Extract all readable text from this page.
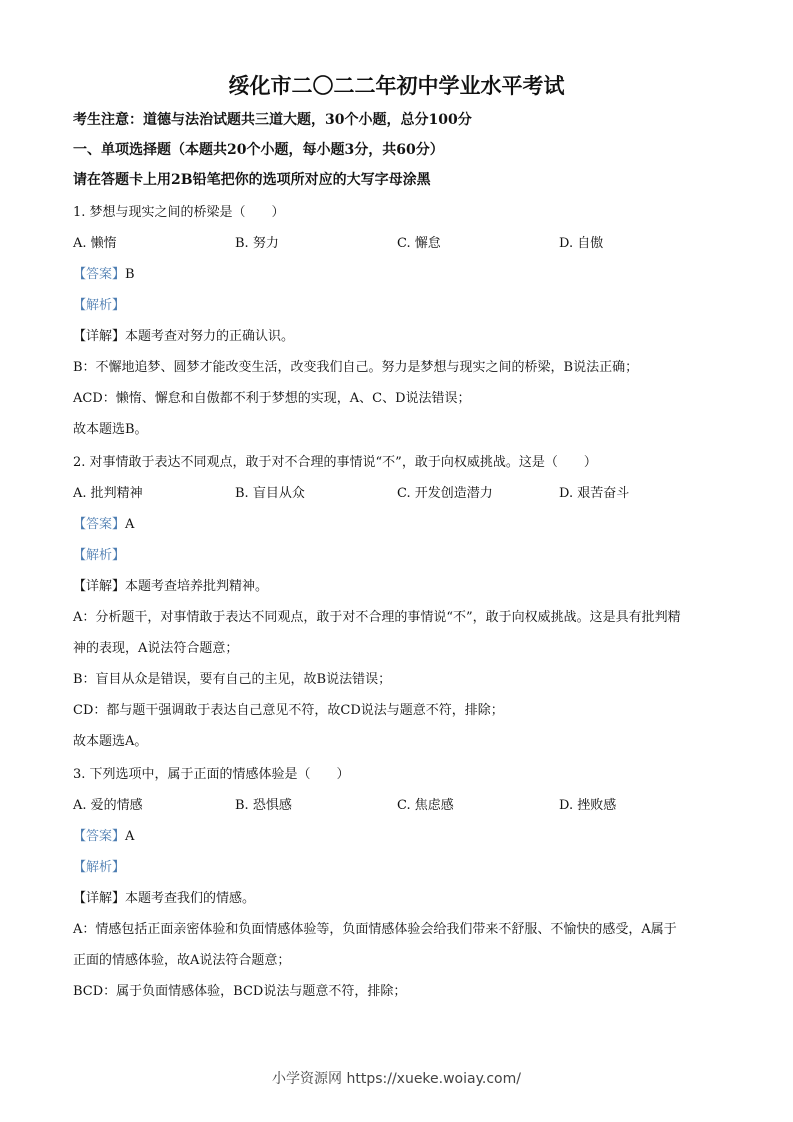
绥化市二〇二二年初中学业水平考试
考生注意：道德与法治试题共三道大题，30个小题，总分100分
一、单项选择题（本题共20个小题，每小题3分，共60分）
请在答题卡上用2B铅笔把你的选项所对应的大写字母涂黑
1. 梦想与现实之间的桥梁是（　　）
A. 懒惰	B. 努力	C. 懈怠	D. 自傲
【答案】B
【解析】
【详解】本题考查对努力的正确认识。
B：不懈地追梦、圆梦才能改变生活，改变我们自己。努力是梦想与现实之间的桥梁，B说法正确；
ACD：懒惰、懈怠和自傲都不利于梦想的实现，A、C、D说法错误；
故本题选B。
2. 对事情敢于表达不同观点，敢于对不合理的事情说“不”，敢于向权威挑战。这是（　　）
A. 批判精神	B. 盲目从众	C. 开发创造潜力	D. 艰苦奋斗
【答案】A
【解析】
【详解】本题考查培养批判精神。
A：分析题干，对事情敢于表达不同观点，敢于对不合理的事情说“不”，敢于向权威挑战。这是具有批判精
神的表现，A说法符合题意；
B：盲目从众是错误，要有自己的主见，故B说法错误；
CD：都与题干强调敢于表达自己意见不符，故CD说法与题意不符，排除；
故本题选A。
3. 下列选项中，属于正面的情感体验是（　　）
A. 爱的情感	B. 恐惧感	C. 焦虑感	D. 挫败感
【答案】A
【解析】
【详解】本题考查我们的情感。
A：情感包括正面亲密体验和负面情感体验等，负面情感体验会给我们带来不舒服、不愉快的感受，A属于
正面的情感体验，故A说法符合题意；
BCD：属于负面情感体验，BCD说法与题意不符，排除；
小学资源网 https://xueke.woiay.com/
